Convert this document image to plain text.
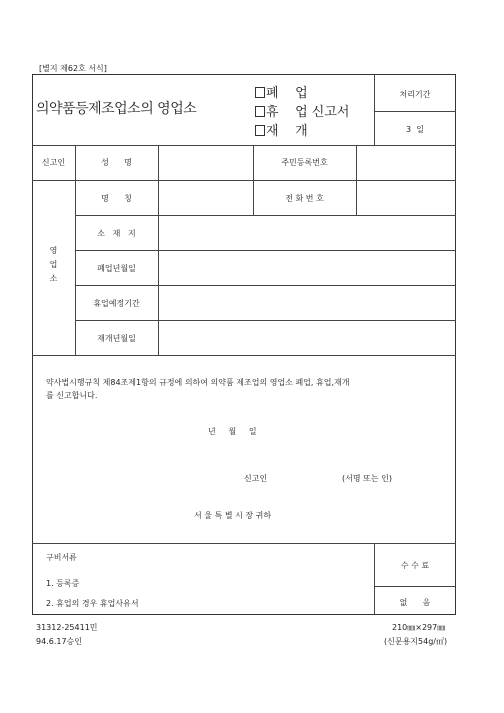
[별지 제62호 서식]
의약품등제조업소의 영업소
폐    업
휴    업 신고서
재    개
처리기간
3  일
신고인	성      명	주민등록번호
영
업
소
명      칭	전 화 번 호
소   재   지
폐업년월일
휴업예정기간
재개년월일
약사법시행규칙 제84조제1항의 규정에 의하여 의약품 제조업의 영업소 폐업, 휴업,재개
를 신고합니다.
년     월     일
신고인	(서명 또는 인)
서 울 특 별 시 장 귀하
구비서류
1. 등록증
2. 휴업의 경우 휴업사유서
수 수 료
없      음
31312-25411민
94.6.17승인
210㎜×297㎜
(신문용지54g/㎡)
